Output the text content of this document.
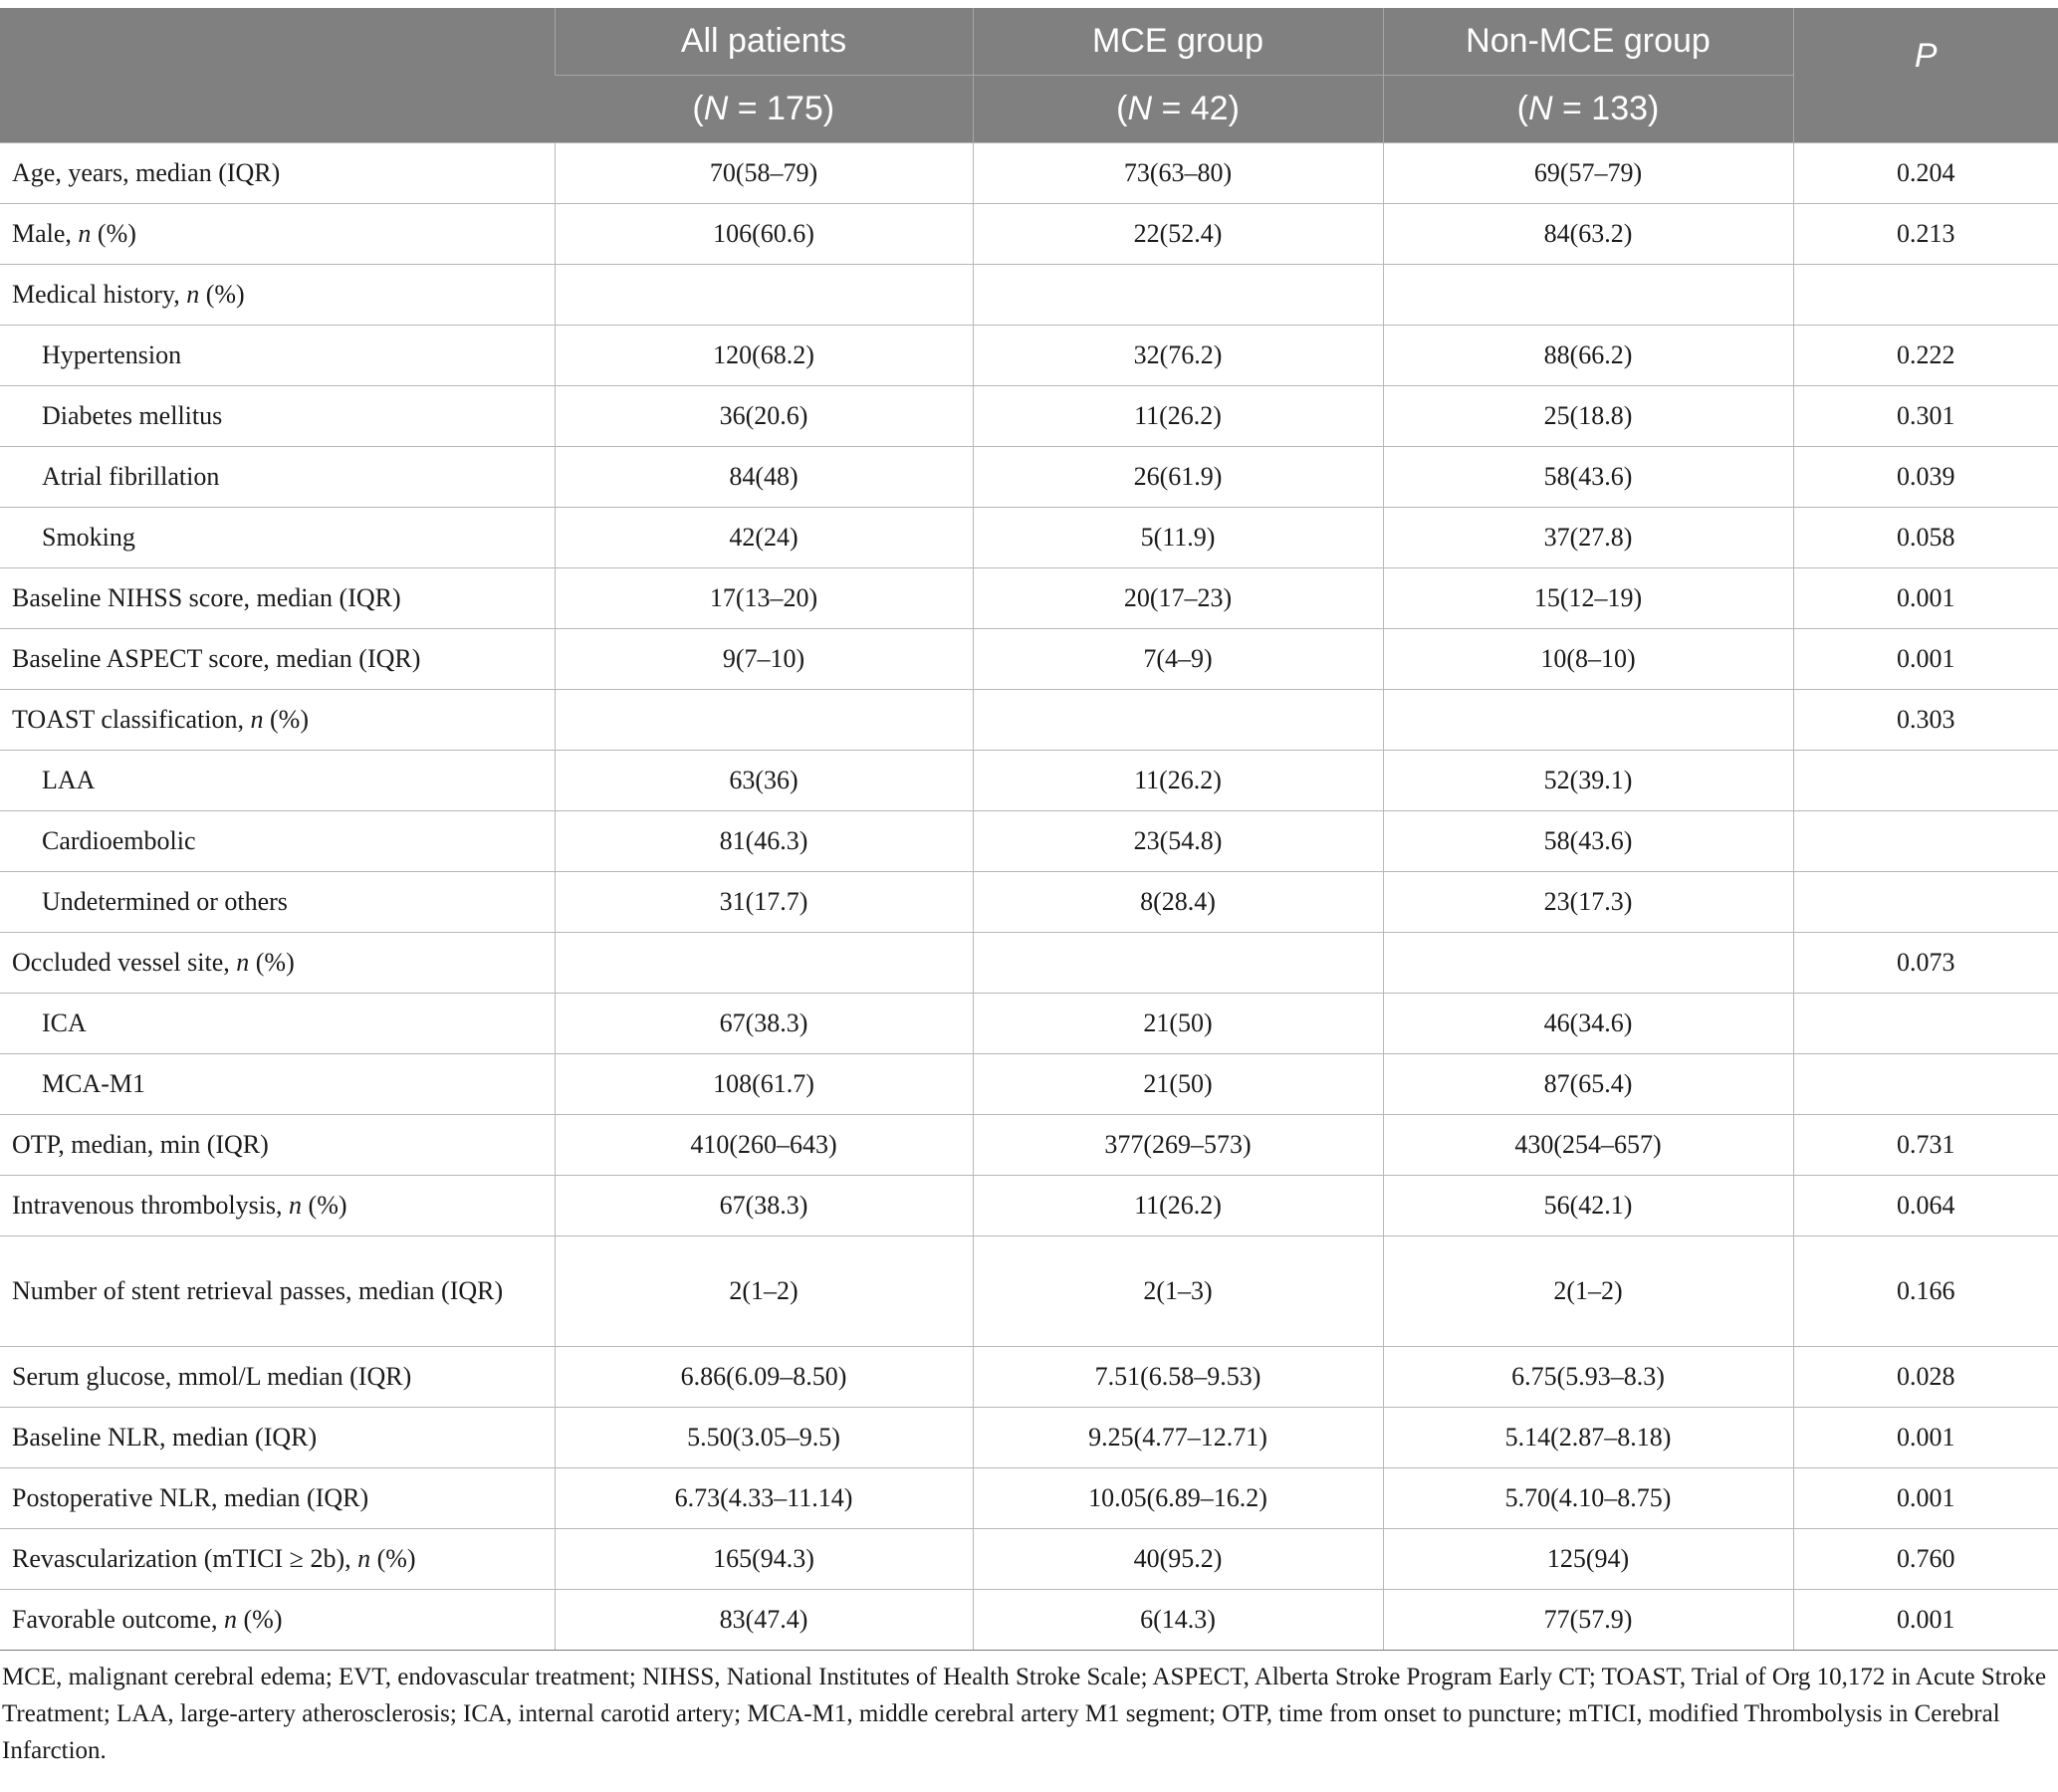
	All patients	MCE group	Non-MCE group	P

	(N = 175)	(N = 42)	(N = 133)	
Age, years, median (IQR)	70(58–79)	73(63–80)	69(57–79)	0.204
Male, n (%)	106(60.6)	22(52.4)	84(63.2)	0.213
Medical history, n (%)				
Hypertension	120(68.2)	32(76.2)	88(66.2)	0.222
Diabetes mellitus	36(20.6)	11(26.2)	25(18.8)	0.301
Atrial fibrillation	84(48)	26(61.9)	58(43.6)	0.039
Smoking	42(24)	5(11.9)	37(27.8)	0.058
Baseline NIHSS score, median (IQR)	17(13–20)	20(17–23)	15(12–19)	0.001
Baseline ASPECT score, median (IQR)	9(7–10)	7(4–9)	10(8–10)	0.001
TOAST classification, n (%)				0.303
LAA	63(36)	11(26.2)	52(39.1)	
Cardioembolic	81(46.3)	23(54.8)	58(43.6)	
Undetermined or others	31(17.7)	8(28.4)	23(17.3)	
Occluded vessel site, n (%)				0.073
ICA	67(38.3)	21(50)	46(34.6)	
MCA-M1	108(61.7)	21(50)	87(65.4)	
OTP, median, min (IQR)	410(260–643)	377(269–573)	430(254–657)	0.731
Intravenous thrombolysis, n (%)	67(38.3)	11(26.2)	56(42.1)	0.064
Number of stent retrieval passes, median (IQR)	2(1–2)	2(1–3)	2(1–2)	0.166
Serum glucose, mmol/L median (IQR)	6.86(6.09–8.50)	7.51(6.58–9.53)	6.75(5.93–8.3)	0.028
Baseline NLR, median (IQR)	5.50(3.05–9.5)	9.25(4.77–12.71)	5.14(2.87–8.18)	0.001
Postoperative NLR, median (IQR)	6.73(4.33–11.14)	10.05(6.89–16.2)	5.70(4.10–8.75)	0.001
Revascularization (mTICI ≥ 2b), n (%)	165(94.3)	40(95.2)	125(94)	0.760
Favorable outcome, n (%)	83(47.4)	6(14.3)	77(57.9)	0.001

MCE, malignant cerebral edema; EVT, endovascular treatment; NIHSS, National Institutes of Health Stroke Scale; ASPECT, Alberta Stroke Program Early CT; TOAST, Trial of Org 10,172 in Acute Stroke Treatment; LAA, large-artery atherosclerosis; ICA, internal carotid artery; MCA-M1, middle cerebral artery M1 segment; OTP, time from onset to puncture; mTICI, modified Thrombolysis in Cerebral Infarction.
